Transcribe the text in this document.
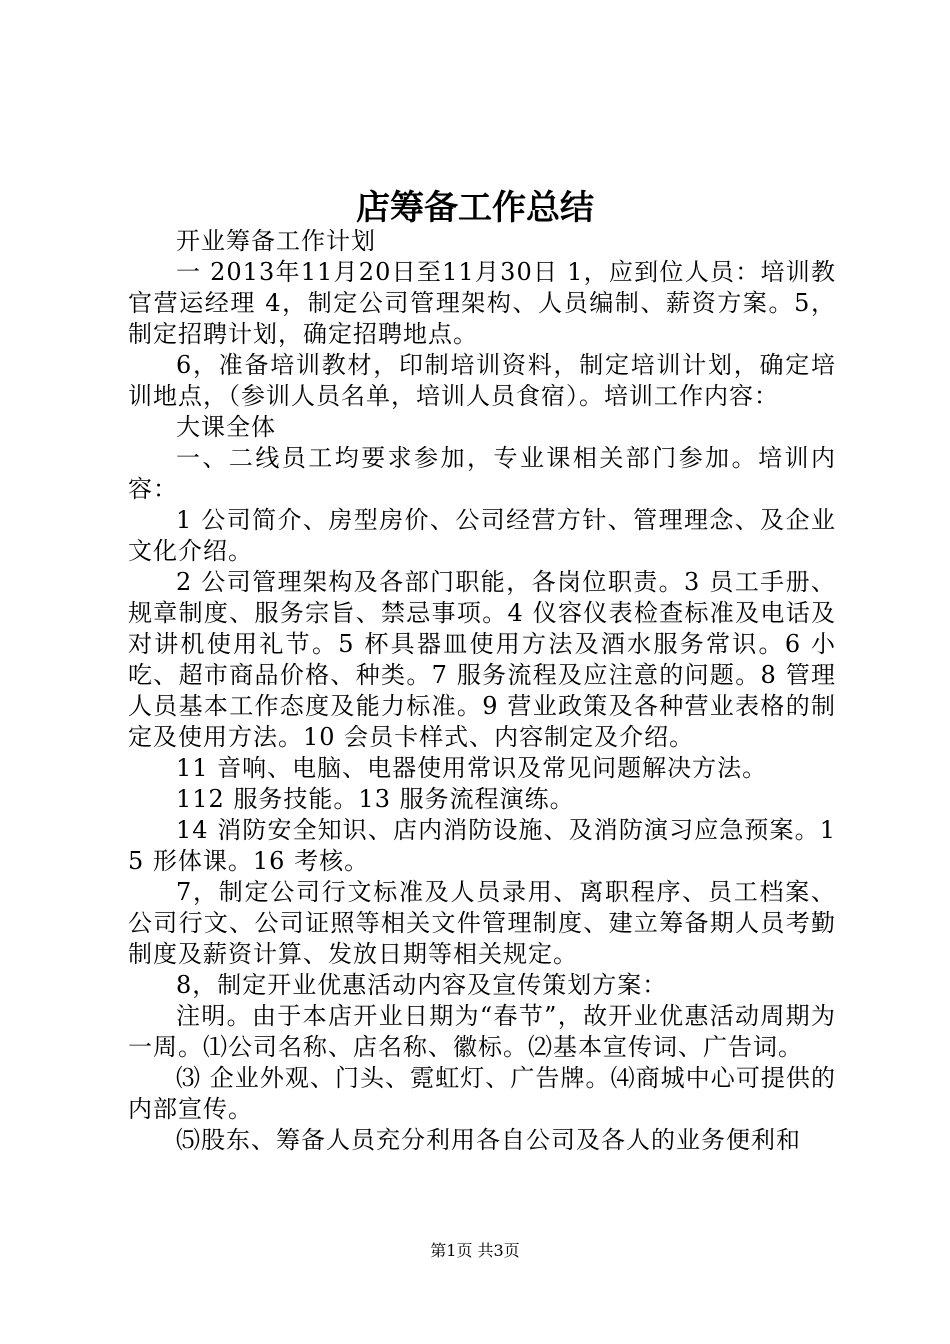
店筹备工作总结

开业筹备工作计划

一 2013年11月20日至11月30日 1，应到位人员：培训教官营运经理 4，制定公司管理架构、人员编制、薪资方案。5，制定招聘计划，确定招聘地点。

6，准备培训教材，印制培训资料，制定培训计划，确定培训地点，（参训人员名单，培训人员食宿）。培训工作内容：

大课全体

一、二线员工均要求参加，专业课相关部门参加。培训内容：

1 公司简介、房型房价、公司经营方针、管理理念、及企业文化介绍。

2 公司管理架构及各部门职能，各岗位职责。3 员工手册、规章制度、服务宗旨、禁忌事项。4 仪容仪表检查标准及电话及对讲机使用礼节。5 杯具器皿使用方法及酒水服务常识。6 小吃、超市商品价格、种类。7 服务流程及应注意的问题。8 管理人员基本工作态度及能力标准。9 营业政策及各种营业表格的制定及使用方法。10 会员卡样式、内容制定及介绍。

11 音响、电脑、电器使用常识及常见问题解决方法。

112 服务技能。13 服务流程演练。

14 消防安全知识、店内消防设施、及消防演习应急预案。15 形体课。16 考核。

7，制定公司行文标准及人员录用、离职程序、员工档案、公司行文、公司证照等相关文件管理制度、建立筹备期人员考勤制度及薪资计算、发放日期等相关规定。

8，制定开业优惠活动内容及宣传策划方案：

注明。由于本店开业日期为“春节”，故开业优惠活动周期为一周。⑴公司名称、店名称、徽标。⑵基本宣传词、广告词。

⑶ 企业外观、门头、霓虹灯、广告牌。⑷商城中心可提供的内部宣传。

⑸股东、筹备人员充分利用各自公司及各人的业务便利和

第1页 共3页
